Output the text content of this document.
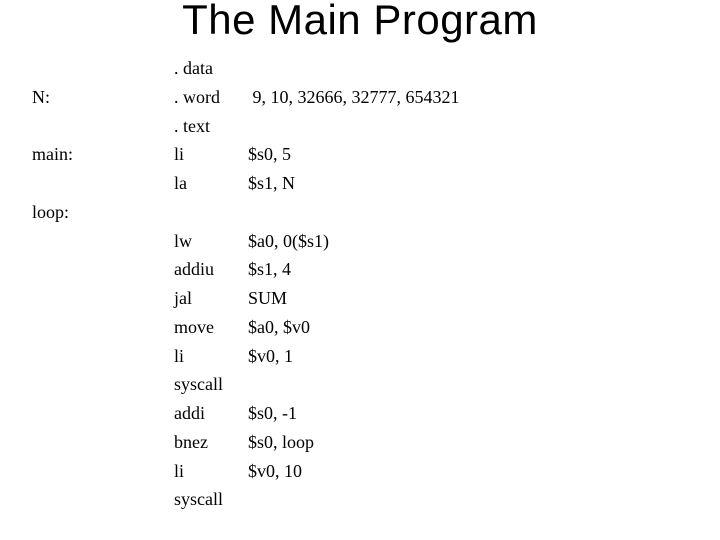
The Main Program
. data
N:	. word 9, 10, 32666, 32777, 654321
. text
main:	li	$s0, 5
la	$s1, N
loop:
lw	$a0, 0($s1)
addiu $s1, 4
jal	SUM
move $a0, $v0
li	$v0, 1
syscall
addi $s0, -1
bnez $s0, loop
li	$v0, 10
syscall
